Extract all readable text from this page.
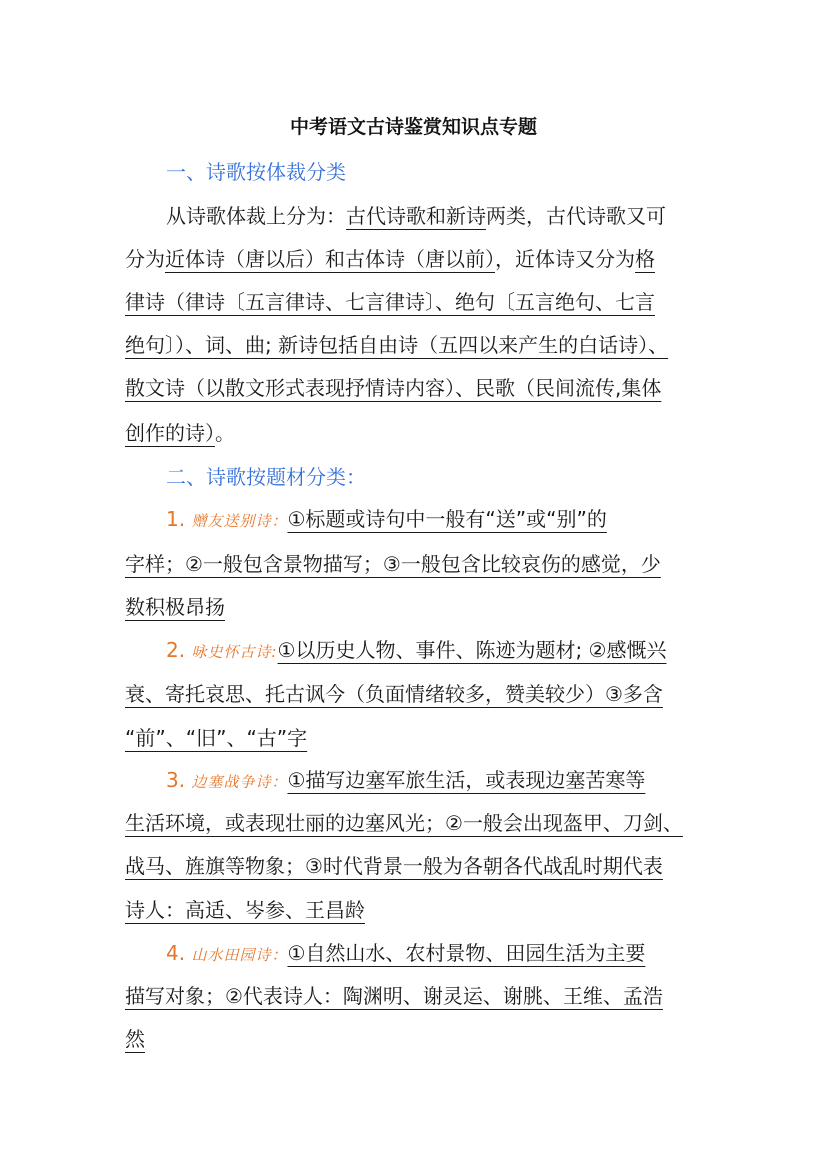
中考语文古诗鉴赏知识点专题
一、诗歌按体裁分类
从诗歌体裁上分为：古代诗歌和新诗两类，古代诗歌又可
分为近体诗（唐以后）和古体诗（唐以前），近体诗又分为格
律诗（律诗〔五言律诗、七言律诗〕、绝句〔五言绝句、七言
绝句〕）、词、曲; 新诗包括自由诗（五四以来产生的白话诗）、
散文诗（以散文形式表现抒情诗内容）、民歌（民间流传,集体
创作的诗）。
二、诗歌按题材分类：
1. 赠友送别诗：①标题或诗句中一般有“送”或“别”的
字样；②一般包含景物描写；③一般包含比较哀伤的感觉，少
数积极昂扬
2. 咏史怀古诗:①以历史人物、事件、陈迹为题材; ②感慨兴
衰、寄托哀思、托古讽今（负面情绪较多，赞美较少）③多含
“前”、“旧”、“古”字
3. 边塞战争诗：①描写边塞军旅生活，或表现边塞苦寒等
生活环境，或表现壮丽的边塞风光；②一般会出现盔甲、刀剑、
战马、旌旗等物象；③时代背景一般为各朝各代战乱时期代表
诗人：高适、岑参、王昌龄
4. 山水田园诗：①自然山水、农村景物、田园生活为主要
描写对象；②代表诗人：陶渊明、谢灵运、谢朓、王维、孟浩
然
